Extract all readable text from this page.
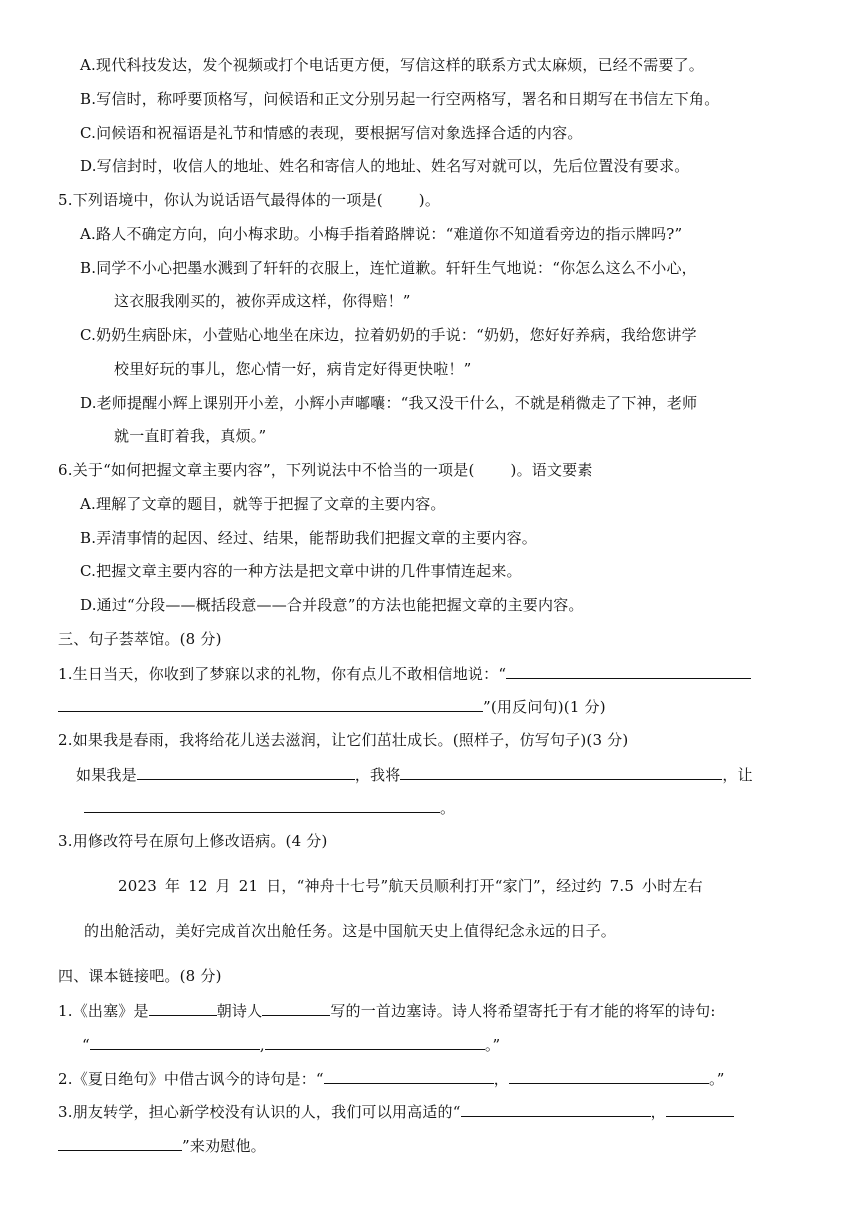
A.现代科技发达，发个视频或打个电话更方便，写信这样的联系方式太麻烦，已经不需要了。
B.写信时，称呼要顶格写，问候语和正文分别另起一行空两格写，署名和日期写在书信左下角。
C.问候语和祝福语是礼节和情感的表现，要根据写信对象选择合适的内容。
D.写信封时，收信人的地址、姓名和寄信人的地址、姓名写对就可以，先后位置没有要求。
5.下列语境中，你认为说话语气最得体的一项是( )。
A.路人不确定方向，向小梅求助。小梅手指着路牌说：“难道你不知道看旁边的指示牌吗?”
B.同学不小心把墨水溅到了轩轩的衣服上，连忙道歉。轩轩生气地说：“你怎么这么不小心，
这衣服我刚买的，被你弄成这样，你得赔！”
C.奶奶生病卧床，小萱贴心地坐在床边，拉着奶奶的手说：“奶奶，您好好养病，我给您讲学
校里好玩的事儿，您心情一好，病肯定好得更快啦！”
D.老师提醒小辉上课别开小差，小辉小声嘟囔：“我又没干什么，不就是稍微走了下神，老师
就一直盯着我，真烦。”
6.关于“如何把握文章主要内容”，下列说法中不恰当的一项是( )。语文要素
A.理解了文章的题目，就等于把握了文章的主要内容。
B.弄清事情的起因、经过、结果，能帮助我们把握文章的主要内容。
C.把握文章主要内容的一种方法是把文章中讲的几件事情连起来。
D.通过“分段——概括段意——合并段意”的方法也能把握文章的主要内容。
三、句子荟萃馆。(8 分)
1.生日当天，你收到了梦寐以求的礼物，你有点儿不敢相信地说：“
”(用反问句)(1 分)
2.如果我是春雨，我将给花儿送去滋润，让它们茁壮成长。(照样子，仿写句子)(3 分)
如果我是	，我将	，让
。
3.用修改符号在原句上修改语病。(4 分)
2023 年 12 月 21 日，“神舟十七号”航天员顺利打开“家门”，经过约 7.5 小时左右
的出舱活动，美好完成首次出舱任务。这是中国航天史上值得纪念永远的日子。
四、课本链接吧。(8 分)
1.《出塞》是	朝诗人	写的一首边塞诗。诗人将希望寄托于有才能的将军的诗句:
“	,	。”
2.《夏日绝句》中借古讽今的诗句是：“	，	。”
3.朋友转学，担心新学校没有认识的人，我们可以用高适的“	，
”来劝慰他。
